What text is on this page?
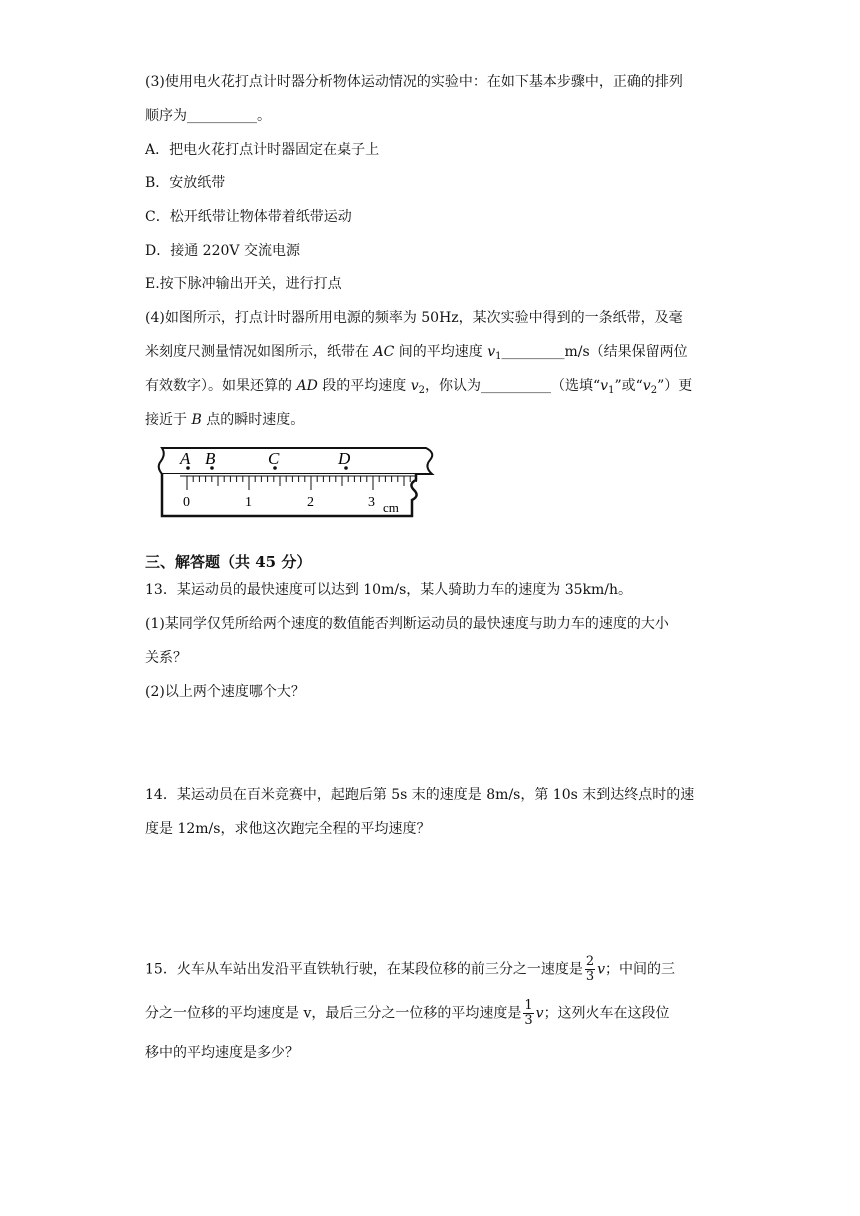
(3)使用电火花打点计时器分析物体运动情况的实验中：在如下基本步骤中，正确的排列
顺序为__________。
A．把电火花打点计时器固定在桌子上
B．安放纸带
C．松开纸带让物体带着纸带运动
D．接通 220V 交流电源
E.按下脉冲输出开关，进行打点
(4)如图所示，打点计时器所用电源的频率为 50Hz，某次实验中得到的一条纸带，及毫
米刻度尺测量情况如图所示，纸带在 AC 间的平均速度 $v_1\_\_\_\_\_\_\_\_\_m/s$（结果保留两位
有效数字）。如果还算的 AD 段的平均速度 $v_2$，你认为__________（选填“$v_1$”或“$v_2$”）更
接近于 B 点的瞬时速度。
A B	C	D
0	1	2	3 cm
三、解答题（共 45 分）
13．某运动员的最快速度可以达到 10m/s，某人骑助力车的速度为 35km/h。
(1)某同学仅凭所给两个速度的数值能否判断运动员的最快速度与助力车的速度的大小
关系？
(2)以上两个速度哪个大？
14．某运动员在百米竞赛中，起跑后第 5s 末的速度是 8m/s，第 10s 末到达终点时的速
度是 12m/s，求他这次跑完全程的平均速度？
15．火车从车站出发沿平直铁轨行驶，在某段位移的前三分之一速度是 $\frac{2}{3}$ v；中间的三
分之一位移的平均速度是 v，最后三分之一位移的平均速度是 $\frac{1}{3}$ v；这列火车在这段位
移中的平均速度是多少？
